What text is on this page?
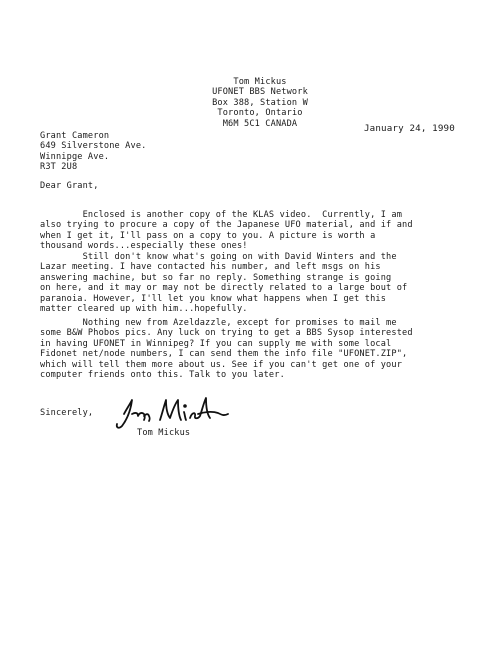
Tom Mickus
UFONET BBS Network
Box 388, Station W
Toronto, Ontario
M6M 5C1 CANADA	January 24, 1990
Grant Cameron
649 Silverstone Ave.
Winnipge Ave.
R3T 2U8
Dear Grant,
Enclosed is another copy of the KLAS video.  Currently, I am
also trying to procure a copy of the Japanese UFO material, and if and
when I get it, I'll pass on a copy to you. A picture is worth a
thousand words...especially these ones!
Still don't know what's going on with David Winters and the
Lazar meeting. I have contacted his number, and left msgs on his
answering machine, but so far no reply. Something strange is going
on here, and it may or may not be directly related to a large bout of
paranoia. However, I'll let you know what happens when I get this
matter cleared up with him...hopefully.
Nothing new from Azeldazzle, except for promises to mail me
some B&W Phobos pics. Any luck on trying to get a BBS Sysop interested
in having UFONET in Winnipeg? If you can supply me with some local
Fidonet net/node numbers, I can send them the info file "UFONET.ZIP",
which will tell them more about us. See if you can't get one of your
computer friends onto this. Talk to you later.
Sincerely,
Tom Mickus
